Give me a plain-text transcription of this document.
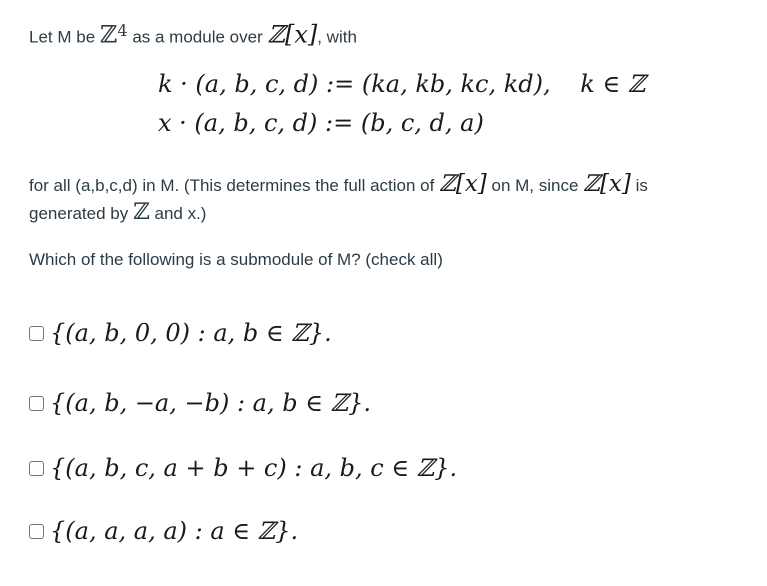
Let M be ℤ$^4$ as a module over ℤ[x], with
k · (a, b, c, d) := (ka, kb, kc, kd), k ∈ ℤ
x · (a, b, c, d) := (b, c, d, a)
for all (a,b,c,d) in M. (This determines the full action of ℤ[x] on M, since ℤ[x] is
generated by ℤ and x.)
Which of the following is a submodule of M? (check all)
{(a, b, 0, 0) : a, b ∈ ℤ}.
{(a, b, −a, −b) : a, b ∈ ℤ}.
{(a, b, c, a + b + c) : a, b, c ∈ ℤ}.
{(a, a, a, a) : a ∈ ℤ}.
